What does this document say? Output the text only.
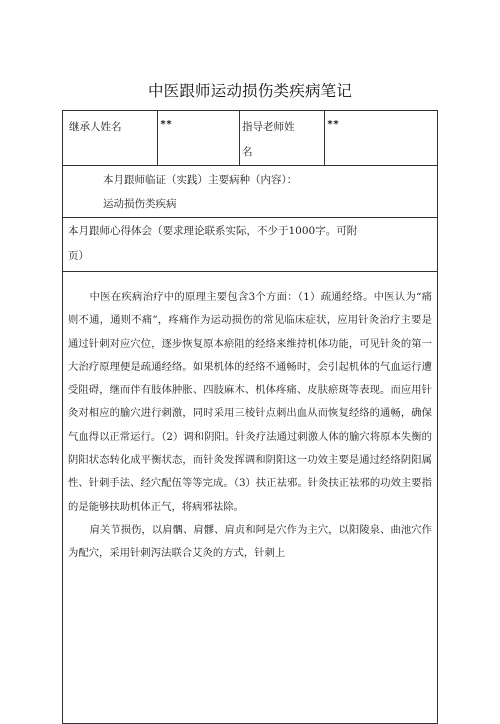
中医跟师运动损伤类疾病笔记
继承人姓名	**	指导老师姓
名
**
本月跟师临证（实践）主要病种（内容）：
运动损伤类疾病
本月跟师心得体会（要求理论联系实际，不少于1000字。可附
页）

中医在疾病治疗中的原理主要包含3个方面：（1）疏通经络。中医认为“痛则不通，通则不痛”，疼痛作为运动损伤的常见临床症状，应用针灸治疗主要是通过针刺对应穴位，逐步恢复原本瘀阻的经络来维持机体功能，可见针灸的第一大治疗原理便是疏通经络。如果机体的经络不通畅时，会引起机体的气血运行遭受阻碍，继而伴有肢体肿胀、四肢麻木、机体疼痛、皮肤瘀斑等表现。而应用针灸对相应的腧穴进行刺激，同时采用三棱针点刺出血从而恢复经络的通畅，确保气血得以正常运行。（2）调和阴阳。针灸疗法通过刺激人体的腧穴将原本失衡的阴阳状态转化成平衡状态，而针灸发挥调和阴阳这一功效主要是通过经络阴阳属性、针刺手法、经穴配伍等等完成。（3）扶正祛邪。针灸扶正祛邪的功效主要指的是能够扶助机体正气，将病邪祛除。

肩关节损伤，以肩髃、肩髎、肩贞和阿是穴作为主穴，以阳陵泉、曲池穴作为配穴，采用针刺泻法联合艾灸的方式，针刺上
